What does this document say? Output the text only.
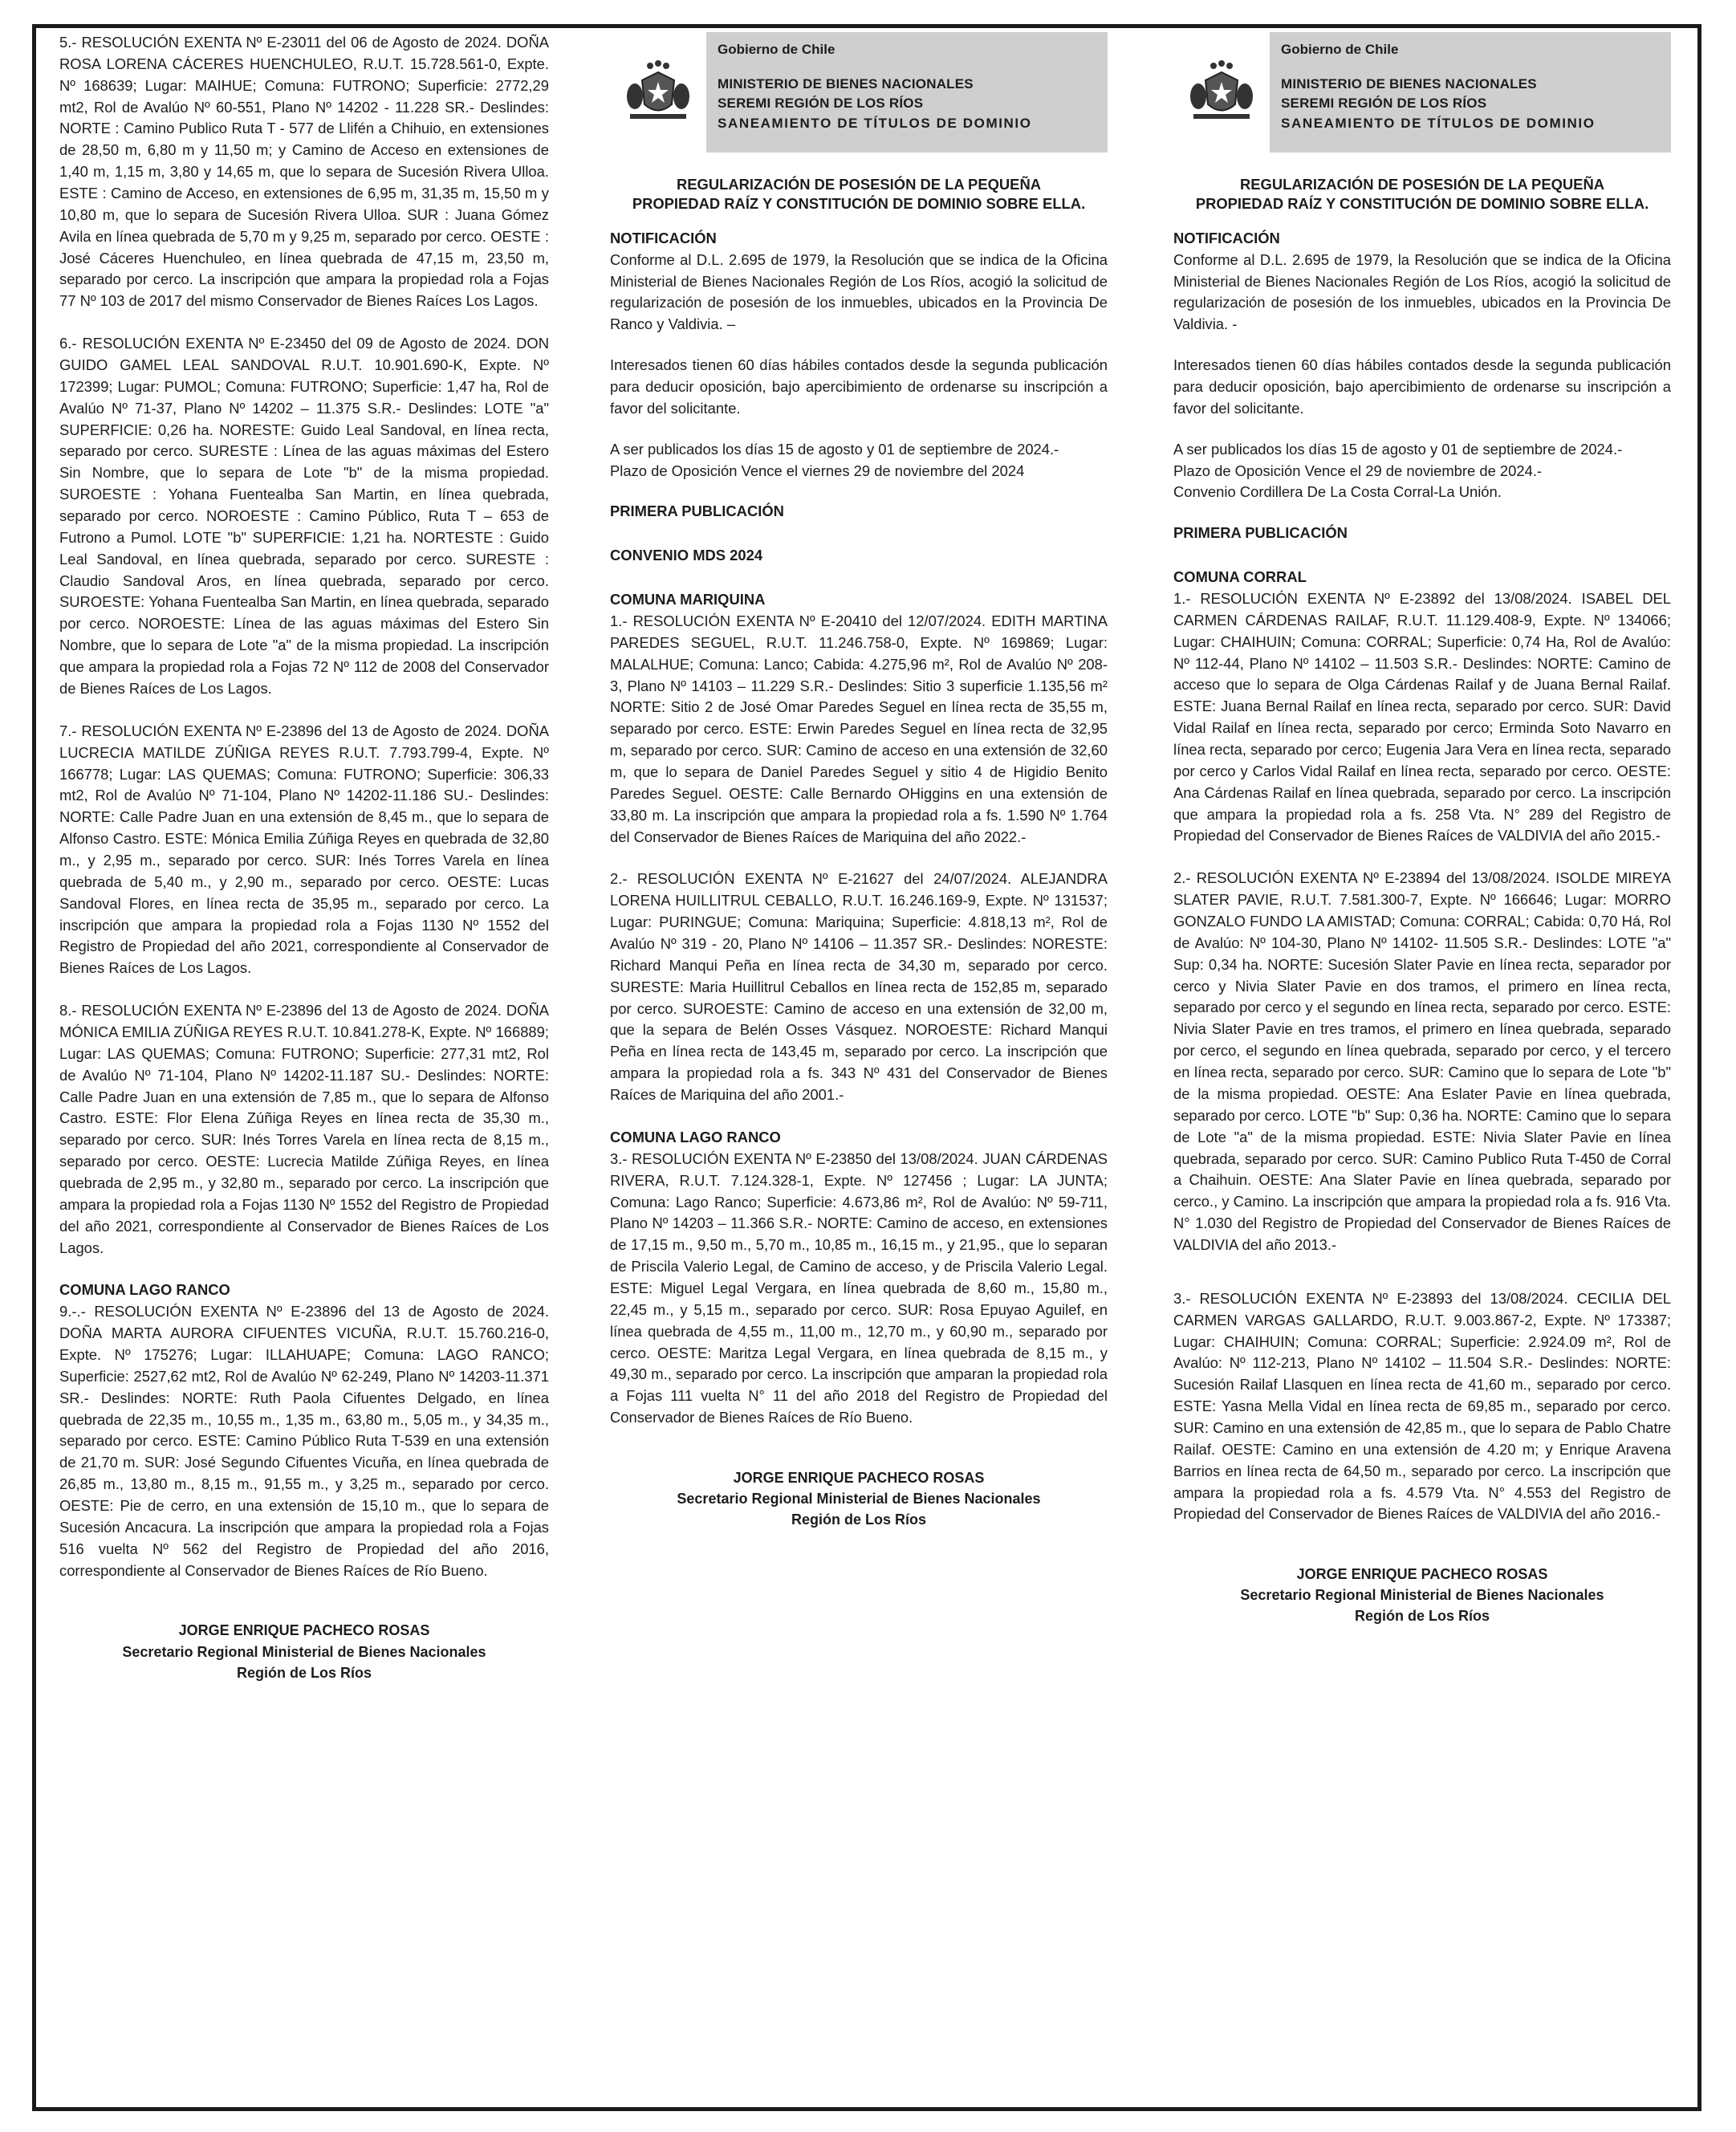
5.- RESOLUCIÓN EXENTA Nº E-23011 del 06 de Agosto de 2024. DOÑA ROSA LORENA CÁCERES HUENCHULEO, R.U.T. 15.728.561-0, Expte. Nº 168639; Lugar: MAIHUE; Comuna: FUTRONO; Superficie: 2772,29 mt2, Rol de Avalúo Nº 60-551, Plano Nº 14202 - 11.228 SR.- Deslindes: NORTE : Camino Publico Ruta T - 577 de Llifén a Chihuio, en extensiones de 28,50 m, 6,80 m y 11,50 m; y Camino de Acceso en extensiones de 1,40 m, 1,15 m, 3,80 y 14,65 m, que lo separa de Sucesión Rivera Ulloa. ESTE : Camino de Acceso, en extensiones de 6,95 m, 31,35 m, 15,50 m y 10,80 m, que lo separa de Sucesión Rivera Ulloa. SUR : Juana Gómez Avila en línea quebrada de 5,70 m y 9,25 m, separado por cerco. OESTE : José Cáceres Huenchuleo, en línea quebrada de 47,15 m, 23,50 m, separado por cerco. La inscripción que ampara la propiedad rola a Fojas 77 Nº 103 de 2017 del mismo Conservador de Bienes Raíces Los Lagos.

6.- RESOLUCIÓN EXENTA Nº E-23450 del 09 de Agosto de 2024. DON GUIDO GAMEL LEAL SANDOVAL R.U.T. 10.901.690-K, Expte. Nº 172399; Lugar: PUMOL; Comuna: FUTRONO; Superficie: 1,47 ha, Rol de Avalúo Nº 71-37, Plano Nº 14202 – 11.375 S.R.- Deslindes: LOTE "a" SUPERFICIE: 0,26 ha. NORESTE: Guido Leal Sandoval, en línea recta, separado por cerco. SURESTE : Línea de las aguas máximas del Estero Sin Nombre, que lo separa de Lote "b" de la misma propiedad. SUROESTE : Yohana Fuentealba San Martin, en línea quebrada, separado por cerco. NOROESTE : Camino Público, Ruta T – 653 de Futrono a Pumol. LOTE "b" SUPERFICIE: 1,21 ha. NORTESTE : Guido Leal Sandoval, en línea quebrada, separado por cerco. SURESTE : Claudio Sandoval Aros, en línea quebrada, separado por cerco. SUROESTE: Yohana Fuentealba San Martin, en línea quebrada, separado por cerco. NOROESTE: Línea de las aguas máximas del Estero Sin Nombre, que lo separa de Lote "a" de la misma propiedad. La inscripción que ampara la propiedad rola a Fojas 72 Nº 112 de 2008 del Conservador de Bienes Raíces de Los Lagos.

7.- RESOLUCIÓN EXENTA Nº E-23896 del 13 de Agosto de 2024. DOÑA LUCRECIA MATILDE ZÚÑIGA REYES R.U.T. 7.793.799-4, Expte. Nº 166778; Lugar: LAS QUEMAS; Comuna: FUTRONO; Superficie: 306,33 mt2, Rol de Avalúo Nº 71-104, Plano Nº 14202-11.186 SU.- Deslindes: NORTE: Calle Padre Juan en una extensión de 8,45 m., que lo separa de Alfonso Castro. ESTE: Mónica Emilia Zúñiga Reyes en quebrada de 32,80 m., y 2,95 m., separado por cerco. SUR: Inés Torres Varela en línea quebrada de 5,40 m., y 2,90 m., separado por cerco. OESTE: Lucas Sandoval Flores, en línea recta de 35,95 m., separado por cerco. La inscripción que ampara la propiedad rola a Fojas 1130 Nº 1552 del Registro de Propiedad del año 2021, correspondiente al Conservador de Bienes Raíces de Los Lagos.

8.- RESOLUCIÓN EXENTA Nº E-23896 del 13 de Agosto de 2024. DOÑA MÓNICA EMILIA ZÚÑIGA REYES R.U.T. 10.841.278-K, Expte. Nº 166889; Lugar: LAS QUEMAS; Comuna: FUTRONO; Superficie: 277,31 mt2, Rol de Avalúo Nº 71-104, Plano Nº 14202-11.187 SU.- Deslindes: NORTE: Calle Padre Juan en una extensión de 7,85 m., que lo separa de Alfonso Castro. ESTE: Flor Elena Zúñiga Reyes en línea recta de 35,30 m., separado por cerco. SUR: Inés Torres Varela en línea recta de 8,15 m., separado por cerco. OESTE: Lucrecia Matilde Zúñiga Reyes, en línea quebrada de 2,95 m., y 32,80 m., separado por cerco. La inscripción que ampara la propiedad rola a Fojas 1130 Nº 1552 del Registro de Propiedad del año 2021, correspondiente al Conservador de Bienes Raíces de Los Lagos.

COMUNA LAGO RANCO

9.-.- RESOLUCIÓN EXENTA Nº E-23896 del 13 de Agosto de 2024. DOÑA MARTA AURORA CIFUENTES VICUÑA, R.U.T. 15.760.216-0, Expte. Nº 175276; Lugar: ILLAHUAPE; Comuna: LAGO RANCO; Superficie: 2527,62 mt2, Rol de Avalúo Nº 62-249, Plano Nº 14203-11.371 SR.- Deslindes: NORTE: Ruth Paola Cifuentes Delgado, en línea quebrada de 22,35 m., 10,55 m., 1,35 m., 63,80 m., 5,05 m., y 34,35 m., separado por cerco. ESTE: Camino Público Ruta T-539 en una extensión de 21,70 m. SUR: José Segundo Cifuentes Vicuña, en línea quebrada de 26,85 m., 13,80 m., 8,15 m., 91,55 m., y 3,25 m., separado por cerco. OESTE: Pie de cerro, en una extensión de 15,10 m., que lo separa de Sucesión Ancacura. La inscripción que ampara la propiedad rola a Fojas 516 vuelta Nº 562 del Registro de Propiedad del año 2016, correspondiente al Conservador de Bienes Raíces de Río Bueno.

JORGE ENRIQUE PACHECO ROSAS
Secretario Regional Ministerial de Bienes Nacionales
Región de Los Ríos
Gobierno de Chile
MINISTERIO DE BIENES NACIONALES
SEREMI REGIÓN DE LOS RÍOS
SANEAMIENTO DE TÍTULOS DE DOMINIO
REGULARIZACIÓN DE POSESIÓN DE LA PEQUEÑA
PROPIEDAD RAÍZ Y CONSTITUCIÓN DE DOMINIO SOBRE ELLA.

NOTIFICACIÓN

Conforme al D.L. 2.695 de 1979, la Resolución que se indica de la Oficina Ministerial de Bienes Nacionales Región de Los Ríos, acogió la solicitud de regularización de posesión de los inmuebles, ubicados en la Provincia De Ranco y Valdivia. –

Interesados tienen 60 días hábiles contados desde la segunda publicación para deducir oposición, bajo apercibimiento de ordenarse su inscripción a favor del solicitante.

A ser publicados los días 15 de agosto y 01 de septiembre de 2024.-

Plazo de Oposición Vence el viernes 29 de noviembre del 2024

PRIMERA PUBLICACIÓN

CONVENIO MDS 2024

COMUNA MARIQUINA

1.- RESOLUCIÓN EXENTA Nº E-20410 del 12/07/2024. EDITH MARTINA PAREDES SEGUEL, R.U.T. 11.246.758-0, Expte. Nº 169869; Lugar: MALALHUE; Comuna: Lanco; Cabida: 4.275,96 m², Rol de Avalúo Nº 208-3, Plano Nº 14103 – 11.229 S.R.- Deslindes: Sitio 3 superficie 1.135,56 m² NORTE: Sitio 2 de José Omar Paredes Seguel en línea recta de 35,55 m, separado por cerco. ESTE: Erwin Paredes Seguel en línea recta de 32,95 m, separado por cerco. SUR: Camino de acceso en una extensión de 32,60 m, que lo separa de Daniel Paredes Seguel y sitio 4 de Higidio Benito Paredes Seguel. OESTE: Calle Bernardo OHiggins en una extensión de 33,80 m. La inscripción que ampara la propiedad rola a fs. 1.590 Nº 1.764 del Conservador de Bienes Raíces de Mariquina del año 2022.-

2.- RESOLUCIÓN EXENTA Nº E-21627 del 24/07/2024. ALEJANDRA LORENA HUILLITRUL CEBALLO, R.U.T. 16.246.169-9, Expte. Nº 131537; Lugar: PURINGUE; Comuna: Mariquina; Superficie: 4.818,13 m², Rol de Avalúo Nº 319 - 20, Plano Nº 14106 – 11.357 SR.- Deslindes: NORESTE: Richard Manqui Peña en línea recta de 34,30 m, separado por cerco. SURESTE: Maria Huillitrul Ceballos en línea recta de 152,85 m, separado por cerco. SUROESTE: Camino de acceso en una extensión de 32,00 m, que la separa de Belén Osses Vásquez. NOROESTE: Richard Manqui Peña en línea recta de 143,45 m, separado por cerco. La inscripción que ampara la propiedad rola a fs. 343 Nº 431 del Conservador de Bienes Raíces de Mariquina del año 2001.-

COMUNA LAGO RANCO

3.- RESOLUCIÓN EXENTA Nº E-23850 del 13/08/2024. JUAN CÁRDENAS RIVERA, R.U.T. 7.124.328-1, Expte. Nº 127456 ; Lugar: LA JUNTA; Comuna: Lago Ranco; Superficie: 4.673,86 m², Rol de Avalúo: Nº 59-711, Plano Nº 14203 – 11.366 S.R.- NORTE: Camino de acceso, en extensiones de 17,15 m., 9,50 m., 5,70 m., 10,85 m., 16,15 m., y 21,95., que lo separan de Priscila Valerio Legal, de Camino de acceso, y de Priscila Valerio Legal. ESTE: Miguel Legal Vergara, en línea quebrada de 8,60 m., 15,80 m., 22,45 m., y 5,15 m., separado por cerco. SUR: Rosa Epuyao Aguilef, en línea quebrada de 4,55 m., 11,00 m., 12,70 m., y 60,90 m., separado por cerco. OESTE: Maritza Legal Vergara, en línea quebrada de 8,15 m., y 49,30 m., separado por cerco. La inscripción que amparan la propiedad rola a Fojas 111 vuelta N° 11 del año 2018 del Registro de Propiedad del Conservador de Bienes Raíces de Río Bueno.

JORGE ENRIQUE PACHECO ROSAS
Secretario Regional Ministerial de Bienes Nacionales
Región de Los Ríos
Gobierno de Chile
MINISTERIO DE BIENES NACIONALES
SEREMI REGIÓN DE LOS RÍOS
SANEAMIENTO DE TÍTULOS DE DOMINIO
REGULARIZACIÓN DE POSESIÓN DE LA PEQUEÑA
PROPIEDAD RAÍZ Y CONSTITUCIÓN DE DOMINIO SOBRE ELLA.

NOTIFICACIÓN

Conforme al D.L. 2.695 de 1979, la Resolución que se indica de la Oficina Ministerial de Bienes Nacionales Región de Los Ríos, acogió la solicitud de regularización de posesión de los inmuebles, ubicados en la Provincia De Valdivia. -

Interesados tienen 60 días hábiles contados desde la segunda publicación para deducir oposición, bajo apercibimiento de ordenarse su inscripción a favor del solicitante.

A ser publicados los días 15 de agosto y 01 de septiembre de 2024.-

Plazo de Oposición Vence el 29 de noviembre de 2024.-

Convenio Cordillera De La Costa Corral-La Unión.

PRIMERA PUBLICACIÓN

COMUNA CORRAL

1.- RESOLUCIÓN EXENTA Nº E-23892 del 13/08/2024. ISABEL DEL CARMEN CÁRDENAS RAILAF, R.U.T. 11.129.408-9, Expte. Nº 134066; Lugar: CHAIHUIN; Comuna: CORRAL; Superficie: 0,74 Ha, Rol de Avalúo: Nº 112-44, Plano Nº 14102 – 11.503 S.R.- Deslindes: NORTE: Camino de acceso que lo separa de Olga Cárdenas Railaf y de Juana Bernal Railaf. ESTE: Juana Bernal Railaf en línea recta, separado por cerco. SUR: David Vidal Railaf en línea recta, separado por cerco; Erminda Soto Navarro en línea recta, separado por cerco; Eugenia Jara Vera en línea recta, separado por cerco y Carlos Vidal Railaf en línea recta, separado por cerco. OESTE: Ana Cárdenas Railaf en línea quebrada, separado por cerco. La inscripción que ampara la propiedad rola a fs. 258 Vta. N° 289 del Registro de Propiedad del Conservador de Bienes Raíces de VALDIVIA del año 2015.-

2.- RESOLUCIÓN EXENTA Nº E-23894 del 13/08/2024. ISOLDE MIREYA SLATER PAVIE, R.U.T. 7.581.300-7, Expte. Nº 166646; Lugar: MORRO GONZALO FUNDO LA AMISTAD; Comuna: CORRAL; Cabida: 0,70 Há, Rol de Avalúo: Nº 104-30, Plano Nº 14102- 11.505 S.R.- Deslindes: LOTE "a" Sup: 0,34 ha. NORTE: Sucesión Slater Pavie en línea recta, separador por cerco y Nivia Slater Pavie en dos tramos, el primero en línea recta, separado por cerco y el segundo en línea recta, separado por cerco. ESTE: Nivia Slater Pavie en tres tramos, el primero en línea quebrada, separado por cerco, el segundo en línea quebrada, separado por cerco, y el tercero en línea recta, separado por cerco. SUR: Camino que lo separa de Lote "b" de la misma propiedad. OESTE: Ana Eslater Pavie en línea quebrada, separado por cerco. LOTE "b" Sup: 0,36 ha. NORTE: Camino que lo separa de Lote "a" de la misma propiedad. ESTE: Nivia Slater Pavie en línea quebrada, separado por cerco. SUR: Camino Publico Ruta T-450 de Corral a Chaihuin. OESTE: Ana Slater Pavie en línea quebrada, separado por cerco., y Camino. La inscripción que ampara la propiedad rola a fs. 916 Vta. N° 1.030 del Registro de Propiedad del Conservador de Bienes Raíces de VALDIVIA del año 2013.-

3.- RESOLUCIÓN EXENTA Nº E-23893 del 13/08/2024. CECILIA DEL CARMEN VARGAS GALLARDO, R.U.T. 9.003.867-2, Expte. Nº 173387; Lugar: CHAIHUIN; Comuna: CORRAL; Superficie: 2.924.09 m², Rol de Avalúo: Nº 112-213, Plano Nº 14102 – 11.504 S.R.- Deslindes: NORTE: Sucesión Railaf Llasquen en línea recta de 41,60 m., separado por cerco. ESTE: Yasna Mella Vidal en línea recta de 69,85 m., separado por cerco. SUR: Camino en una extensión de 42,85 m., que lo separa de Pablo Chatre Railaf. OESTE: Camino en una extensión de 4.20 m; y Enrique Aravena Barrios en línea recta de 64,50 m., separado por cerco. La inscripción que ampara la propiedad rola a fs. 4.579 Vta. N° 4.553 del Registro de Propiedad del Conservador de Bienes Raíces de VALDIVIA del año 2016.-

JORGE ENRIQUE PACHECO ROSAS
Secretario Regional Ministerial de Bienes Nacionales
Región de Los Ríos
